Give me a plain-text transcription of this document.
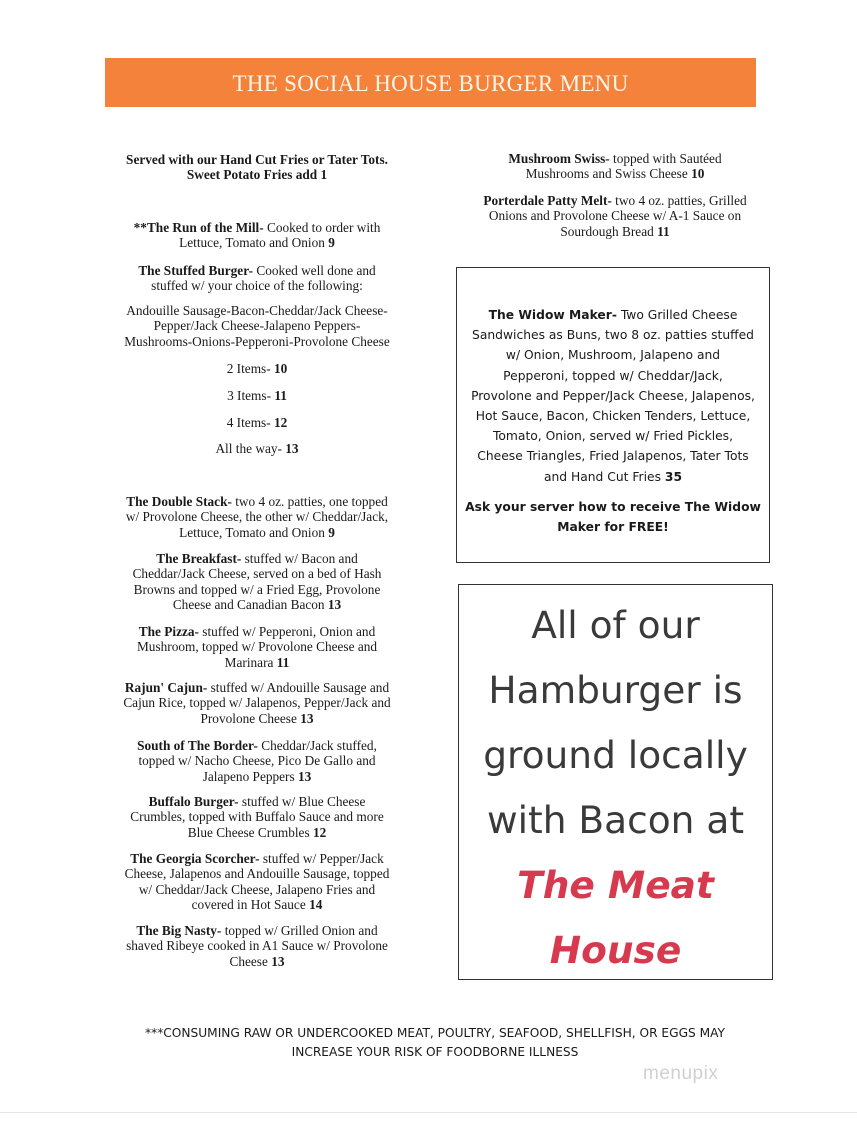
THE SOCIAL HOUSE BURGER MENU
Served with our Hand Cut Fries or Tater Tots.
Sweet Potato Fries add 1
**The Run of the Mill- Cooked to order with
Lettuce, Tomato and Onion 9
The Stuffed Burger- Cooked well done and
stuffed w/ your choice of the following:
Andouille Sausage-Bacon-Cheddar/Jack Cheese-
Pepper/Jack Cheese-Jalapeno Peppers-
Mushrooms-Onions-Pepperoni-Provolone Cheese
2 Items- 10
3 Items- 11
4 Items- 12
All the way- 13
The Double Stack- two 4 oz. patties, one topped
w/ Provolone Cheese, the other w/ Cheddar/Jack,
Lettuce, Tomato and Onion 9
The Breakfast- stuffed w/ Bacon and
Cheddar/Jack Cheese, served on a bed of Hash
Browns and topped w/ a Fried Egg, Provolone
Cheese and Canadian Bacon 13
The Pizza- stuffed w/ Pepperoni, Onion and
Mushroom, topped w/ Provolone Cheese and
Marinara 11
Rajun' Cajun- stuffed w/ Andouille Sausage and
Cajun Rice, topped w/ Jalapenos, Pepper/Jack and
Provolone Cheese 13
South of The Border- Cheddar/Jack stuffed,
topped w/ Nacho Cheese, Pico De Gallo and
Jalapeno Peppers 13
Buffalo Burger- stuffed w/ Blue Cheese
Crumbles, topped with Buffalo Sauce and more
Blue Cheese Crumbles 12
The Georgia Scorcher- stuffed w/ Pepper/Jack
Cheese, Jalapenos and Andouille Sausage, topped
w/ Cheddar/Jack Cheese, Jalapeno Fries and
covered in Hot Sauce 14
The Big Nasty- topped w/ Grilled Onion and
shaved Ribeye cooked in A1 Sauce w/ Provolone
Cheese 13
Mushroom Swiss- topped with Sautéed
Mushrooms and Swiss Cheese 10
Porterdale Patty Melt- two 4 oz. patties, Grilled
Onions and Provolone Cheese w/ A-1 Sauce on
Sourdough Bread 11
The Widow Maker- Two Grilled Cheese
Sandwiches as Buns, two 8 oz. patties stuffed
w/ Onion, Mushroom, Jalapeno and
Pepperoni, topped w/ Cheddar/Jack,
Provolone and Pepper/Jack Cheese, Jalapenos,
Hot Sauce, Bacon, Chicken Tenders, Lettuce,
Tomato, Onion, served w/ Fried Pickles,
Cheese Triangles, Fried Jalapenos, Tater Tots
and Hand Cut Fries 35
Ask your server how to receive The Widow
Maker for FREE!
All of our
Hamburger is
ground locally
with Bacon at
The Meat
House
***CONSUMING RAW OR UNDERCOOKED MEAT, POULTRY, SEAFOOD, SHELLFISH, OR EGGS MAY
INCREASE YOUR RISK OF FOODBORNE ILLNESS
menupix
